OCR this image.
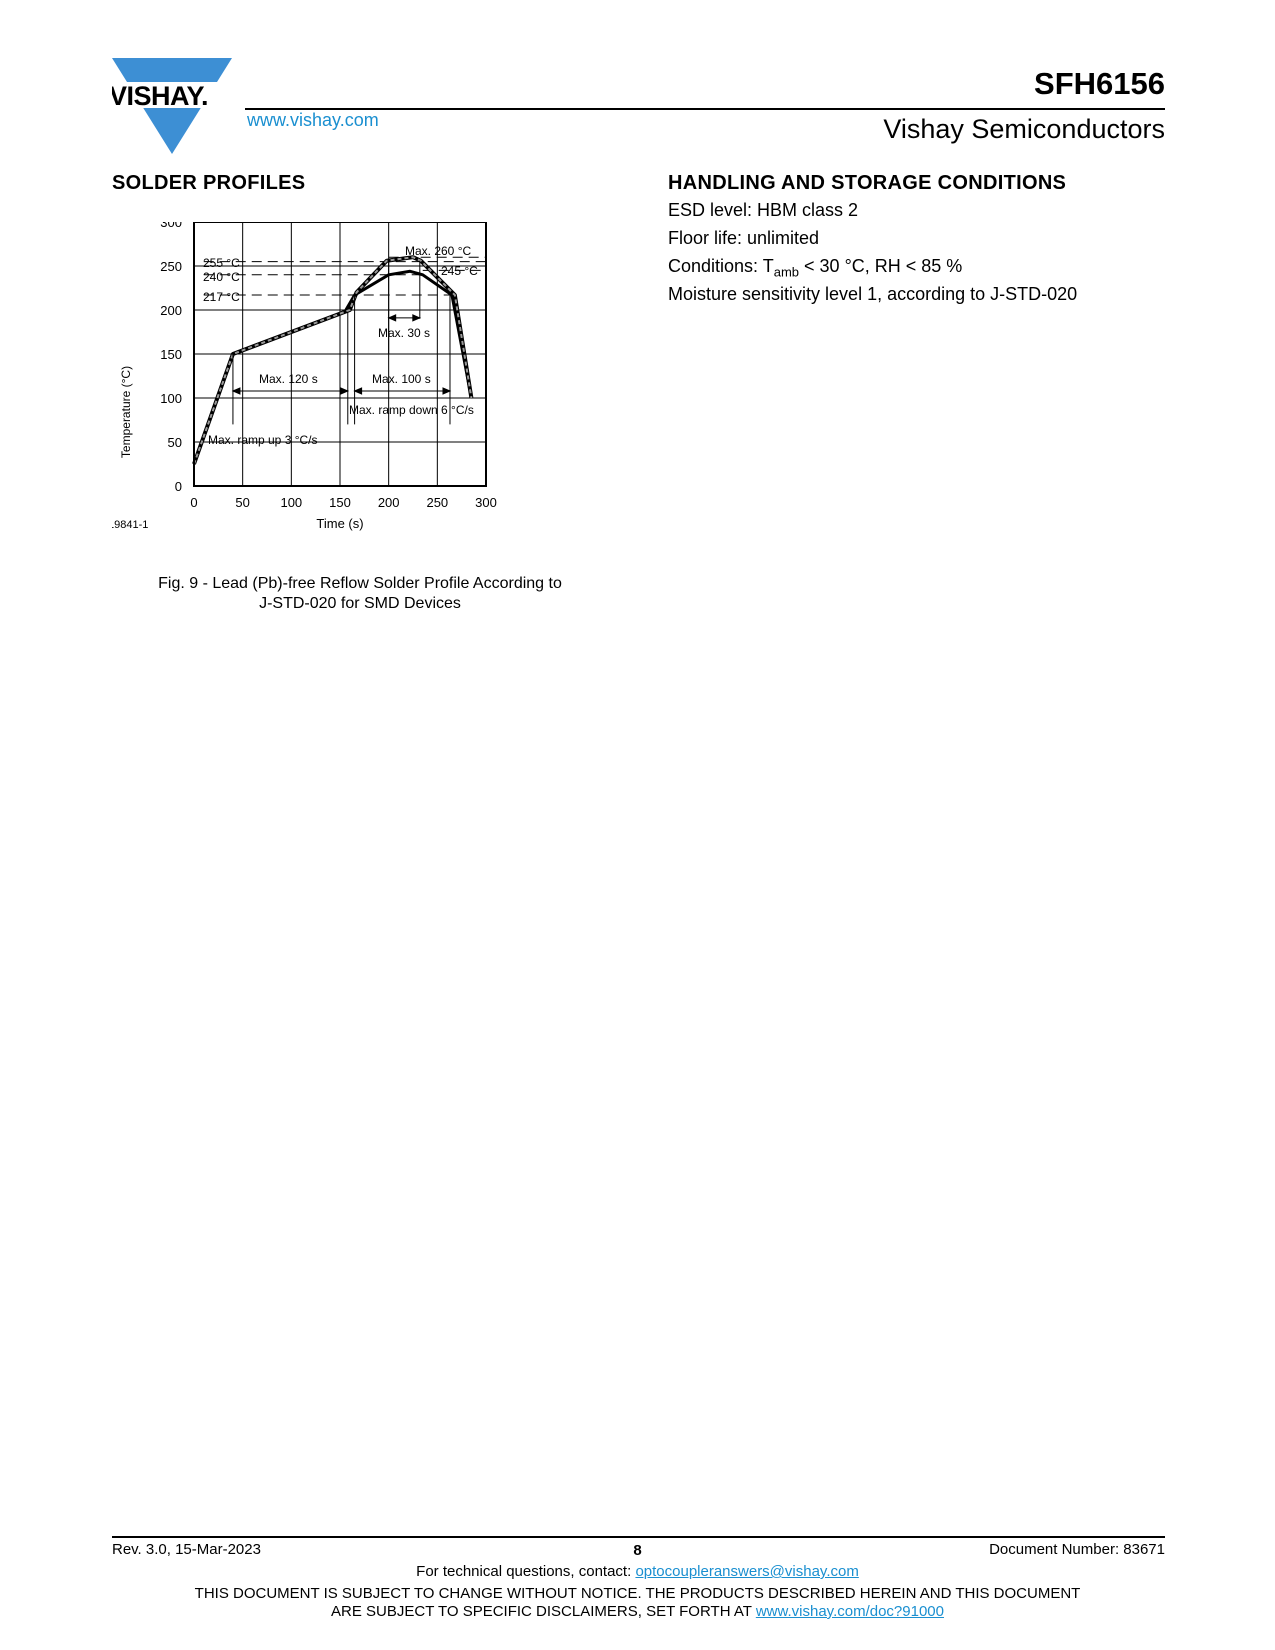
VISHAY.
www.vishay.com
SFH6156
Vishay Semiconductors
SOLDER PROFILES	HANDLING AND STORAGE CONDITIONS
ESD level: HBM class 2
Floor life: unlimited
Conditions: $T_{amb} < 30$ °C, RH < 85 %
Moisture sensitivity level 1, according to J-STD-020
0	50 100 150 200 250 300
0
50
100
150
200
250
300
Max. 260 °C
255 °C
240 °C
217 °C
245 °C
Max. 30 s
Max. 120 s	Max. 100 s
Max. ramp down 6 °C/s
Max. ramp up 3 °C/s
Temperature (°C)
Time (s)
19841-1
Fig. 9 - Lead (Pb)-free Reflow Solder Profile According to
J-STD-020 for SMD Devices
Rev. 3.0, 15-Mar-2023	8	Document Number: 83671
For technical questions, contact: optocoupleranswers@vishay.com
THIS DOCUMENT IS SUBJECT TO CHANGE WITHOUT NOTICE. THE PRODUCTS DESCRIBED HEREIN AND THIS DOCUMENT
ARE SUBJECT TO SPECIFIC DISCLAIMERS, SET FORTH AT www.vishay.com/doc?91000
